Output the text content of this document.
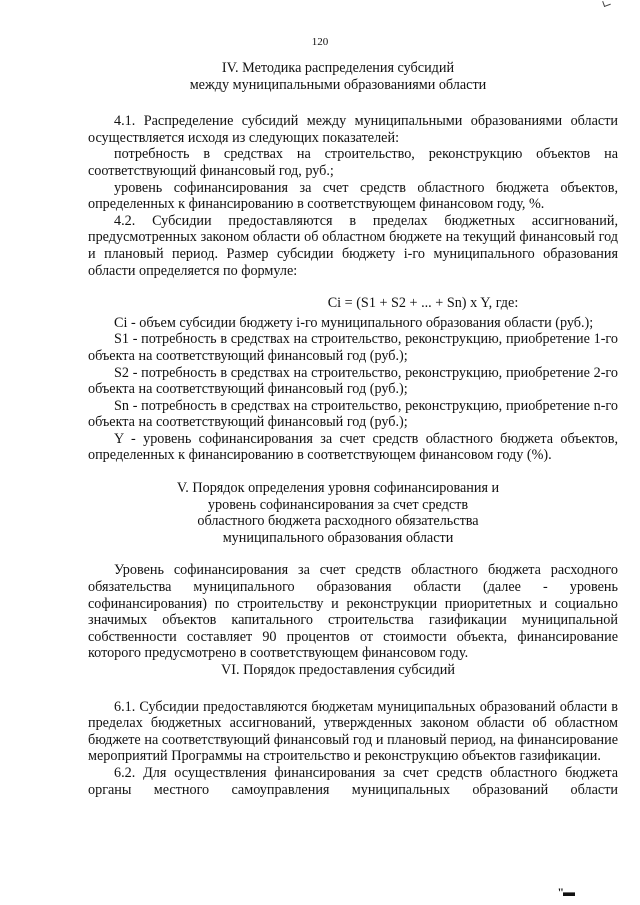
120
IV. Методика распределения субсидий
между муниципальными образованиями области

4.1. Распределение субсидий между муниципальными образованиями области осуществляется исходя из следующих показателей:

потребность в средствах на строительство, реконструкцию объектов на соответствующий финансовый год, руб.;

уровень софинансирования за счет средств областного бюджета объектов, определенных к финансированию в соответствующем финансовом году, %.

4.2. Субсидии предоставляются в пределах бюджетных ассигнований, предусмотренных законом области об областном бюджете на текущий финансовый год и плановый период. Размер субсидии бюджету i-го муниципального образования области определяется по формуле:

Ci = (S1 + S2 + ... + Sn) x Y, где:

Ci - объем субсидии бюджету i-го муниципального образования области (руб.);

S1 - потребность в средствах на строительство, реконструкцию, приобретение 1-го объекта на соответствующий финансовый год (руб.);

S2 - потребность в средствах на строительство, реконструкцию, приобретение 2-го объекта на соответствующий финансовый год (руб.);

Sn - потребность в средствах на строительство, реконструкцию, приобретение n-го объекта на соответствующий финансовый год (руб.);

Y - уровень софинансирования за счет средств областного бюджета объектов, определенных к финансированию в соответствующем финансовом году (%).

V. Порядок определения уровня софинансирования и
уровень софинансирования за счет средств
областного бюджета расходного обязательства
муниципального образования области

Уровень софинансирования за счет средств областного бюджета расходного обязательства муниципального образования области (далее - уровень софинансирования) по строительству и реконструкции приоритетных и социально значимых объектов капитального строительства газификации муниципальной собственности составляет 90 процентов от стоимости объекта, финансирование которого предусмотрено в соответствующем финансовом году.

VI. Порядок предоставления субсидий

6.1. Субсидии предоставляются бюджетам муниципальных образований области в пределах бюджетных ассигнований, утвержденных законом области об областном бюджете на соответствующий финансовый год и плановый период, на финансирование мероприятий Программы на строительство и реконструкцию объектов газификации.

6.2. Для осуществления финансирования за счет средств областного бюджета органы местного самоуправления муниципальных образований области

"▬
